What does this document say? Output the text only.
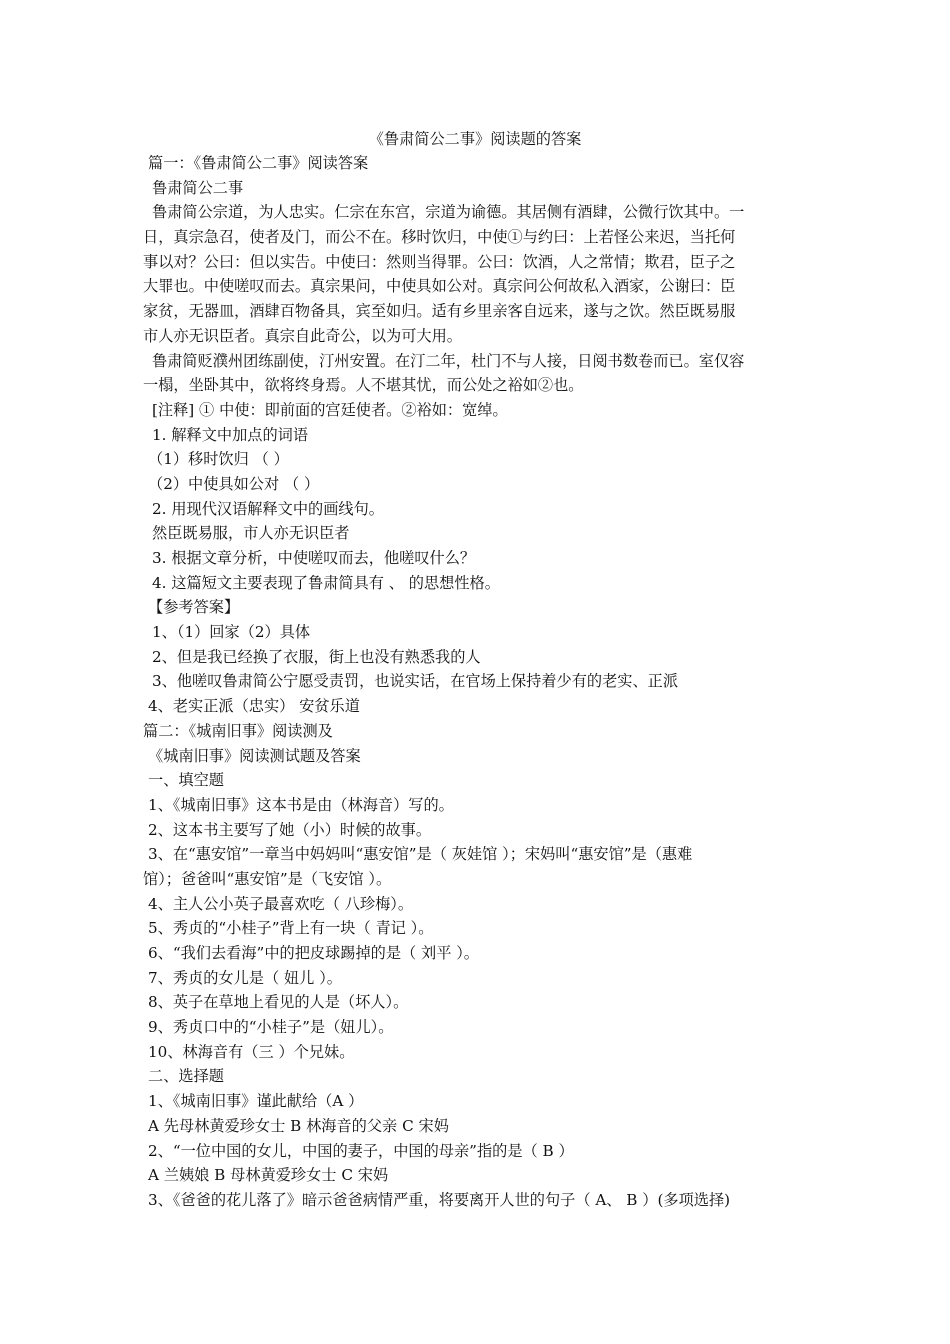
《鲁肃简公二事》阅读题的答案
篇一：《鲁肃简公二事》阅读答案
鲁肃简公二事
鲁肃简公宗道，为人忠实。仁宗在东宫，宗道为谕德。其居侧有酒肆，公微行饮其中。一
日，真宗急召，使者及门，而公不在。移时饮归，中使①与约曰：上若怪公来迟，当托何
事以对？公曰：但以实告。中使曰：然则当得罪。公曰：饮酒，人之常情；欺君，臣子之
大罪也。中使嗟叹而去。真宗果问，中使具如公对。真宗问公何故私入酒家，公谢曰：臣
家贫，无器皿，酒肆百物备具，宾至如归。适有乡里亲客自远来，遂与之饮。然臣既易服
市人亦无识臣者。真宗自此奇公，以为可大用。
鲁肃简贬濮州团练副使，汀州安置。在汀二年，杜门不与人接，日阅书数卷而已。室仅容
一榻，坐卧其中，欲将终身焉。人不堪其忧，而公处之裕如②也。
[注释] ① 中使：即前面的宫廷使者。②裕如：宽绰。
1. 解释文中加点的词语
（1）移时饮归 （ ）
（2）中使具如公对 （ ）
2. 用现代汉语解释文中的画线句。
然臣既易服，市人亦无识臣者
3. 根据文章分析，中使嗟叹而去，他嗟叹什么？
4. 这篇短文主要表现了鲁肃简具有 、 的思想性格。
【参考答案】
1、（1）回家（2）具体
2、但是我已经换了衣服，街上也没有熟悉我的人
3、他嗟叹鲁肃简公宁愿受责罚，也说实话，在官场上保持着少有的老实、正派
4、老实正派（忠实） 安贫乐道
篇二：《城南旧事》阅读测及
《城南旧事》阅读测试题及答案
一、填空题
1、《城南旧事》这本书是由（林海音）写的。
2、这本书主要写了她（小）时候的故事。
3、在“惠安馆”一章当中妈妈叫“惠安馆”是（ 灰娃馆 ）；宋妈叫“惠安馆”是（惠难
馆）；爸爸叫“惠安馆”是（飞安馆 ）。
4、主人公小英子最喜欢吃（ 八珍梅）。
5、秀贞的“小桂子”背上有一块（ 青记 ）。
6、“我们去看海”中的把皮球踢掉的是（ 刘平 ）。
7、秀贞的女儿是（ 妞儿 ）。
8、英子在草地上看见的人是（坏人）。
9、秀贞口中的“小桂子”是（妞儿）。
10、林海音有（三 ）个兄妹。
二、选择题
1、《城南旧事》谨此献给（A ）
A 先母林黄爱珍女士 B 林海音的父亲 C 宋妈
2、“一位中国的女儿，中国的妻子，中国的母亲”指的是（ B ）
A 兰姨娘 B 母林黄爱珍女士 C 宋妈
3、《爸爸的花儿落了》暗示爸爸病情严重，将要离开人世的句子（ A、 B ）(多项选择)
